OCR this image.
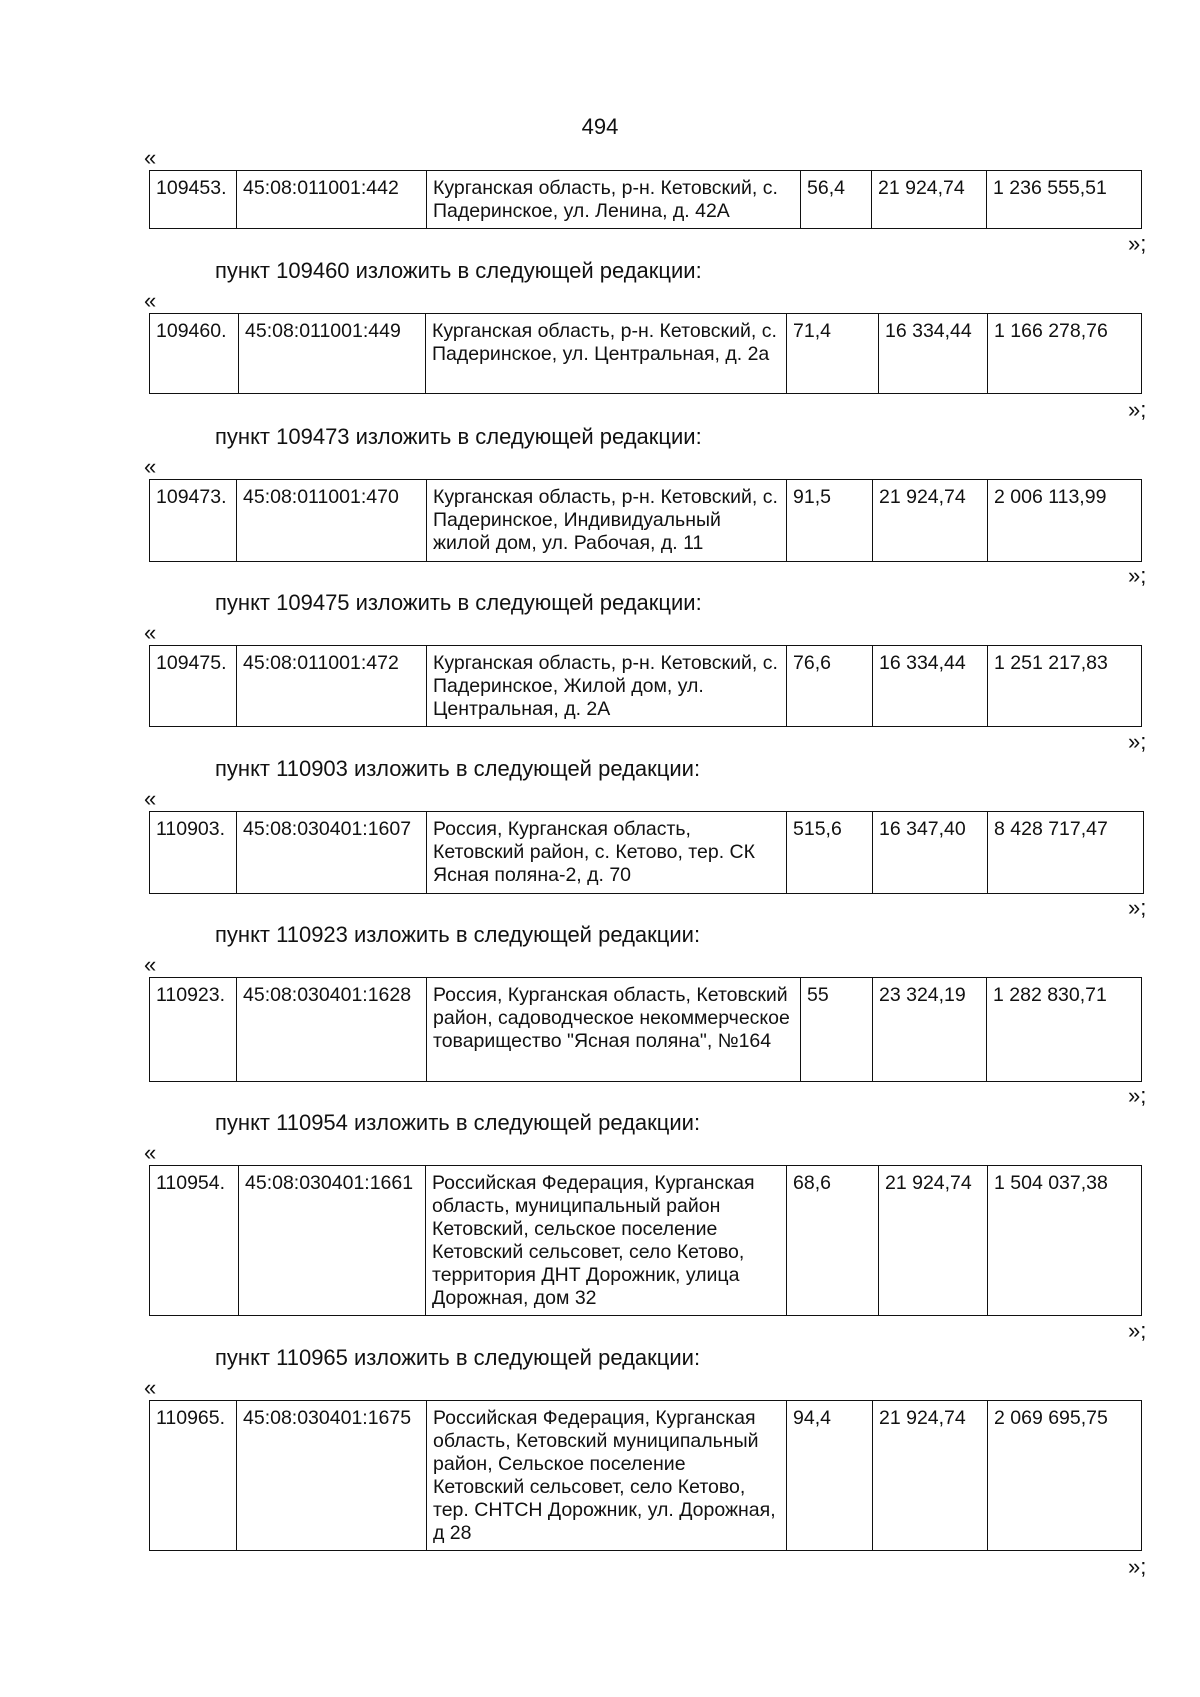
494
«
109453.	45:08:011001:442	Курганская область, р-н. Кетовский, с. Падеринское, ул. Ленина, д. 42А	56,4	21 924,74	1 236 555,51
»;
пункт 109460 изложить в следующей редакции:
«
109460.	45:08:011001:449	Курганская область, р-н. Кетовский, с. Падеринское, ул. Центральная, д. 2а	71,4	16 334,44	1 166 278,76
»;
пункт 109473 изложить в следующей редакции:
«
109473.	45:08:011001:470	Курганская область, р-н. Кетовский, с. Падеринское, Индивидуальный жилой дом, ул. Рабочая, д. 11	91,5	21 924,74	2 006 113,99
»;
пункт 109475 изложить в следующей редакции:
«
109475.	45:08:011001:472	Курганская область, р-н. Кетовский, с. Падеринское, Жилой дом, ул. Центральная, д. 2А	76,6	16 334,44	1 251 217,83
»;
пункт 110903 изложить в следующей редакции:
«
110903.	45:08:030401:1607	Россия, Курганская область, Кетовский район, с. Кетово, тер. СК Ясная поляна-2, д. 70	515,6	16 347,40	8 428 717,47
»;
пункт 110923 изложить в следующей редакции:
«
110923.	45:08:030401:1628	Россия, Курганская область, Кетовский район, садоводческое некоммерческое товарищество "Ясная поляна", №164	55	23 324,19	1 282 830,71
»;
пункт 110954 изложить в следующей редакции:
«
110954.	45:08:030401:1661	Российская Федерация, Курганская область, муниципальный район Кетовский, сельское поселение Кетовский сельсовет, село Кетово, территория ДНТ Дорожник, улица Дорожная, дом 32	68,6	21 924,74	1 504 037,38
»;
пункт 110965 изложить в следующей редакции:
«
110965.	45:08:030401:1675	Российская Федерация, Курганская область, Кетовский муниципальный район, Сельское поселение Кетовский сельсовет, село Кетово, тер. СНТСН Дорожник, ул. Дорожная, д 28	94,4	21 924,74	2 069 695,75
»;
